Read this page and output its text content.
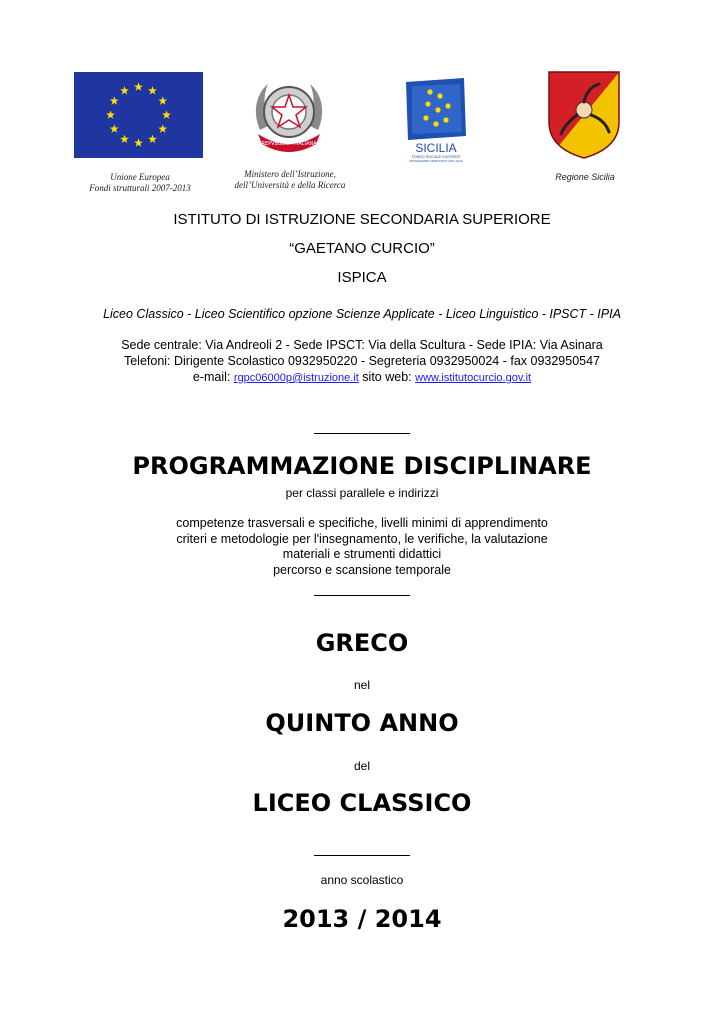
Unione Europea
Fondi strutturali 2007-2013
REPVBBLICA ITALIANA
Ministero dell’Istruzione,
dell’Università e della Ricerca
SICILIA
FONDO SOCIALE EUROPEO
PROGRAMMA OPERATIVO 2007-2013
Regione Sicilia
ISTITUTO DI ISTRUZIONE SECONDARIA SUPERIORE
“GAETANO CURCIO”
ISPICA
Liceo Classico - Liceo Scientifico opzione Scienze Applicate - Liceo Linguistico - IPSCT - IPIA
Sede centrale: Via Andreoli 2 - Sede IPSCT: Via della Scultura - Sede IPIA: Via Asinara
Telefoni: Dirigente Scolastico 0932950220 - Segreteria 0932950024 - fax 0932950547
e-mail: rgpc06000p@istruzione.it sito web: www.istitutocurcio.gov.it
PROGRAMMAZIONE DISCIPLINARE
per classi parallele e indirizzi
competenze trasversali e specifiche, livelli minimi di apprendimento
criteri e metodologie per l'insegnamento, le verifiche, la valutazione
materiali e strumenti didattici
percorso e scansione temporale
GRECO
nel
QUINTO ANNO
del
LICEO CLASSICO
anno scolastico
2013 / 2014
